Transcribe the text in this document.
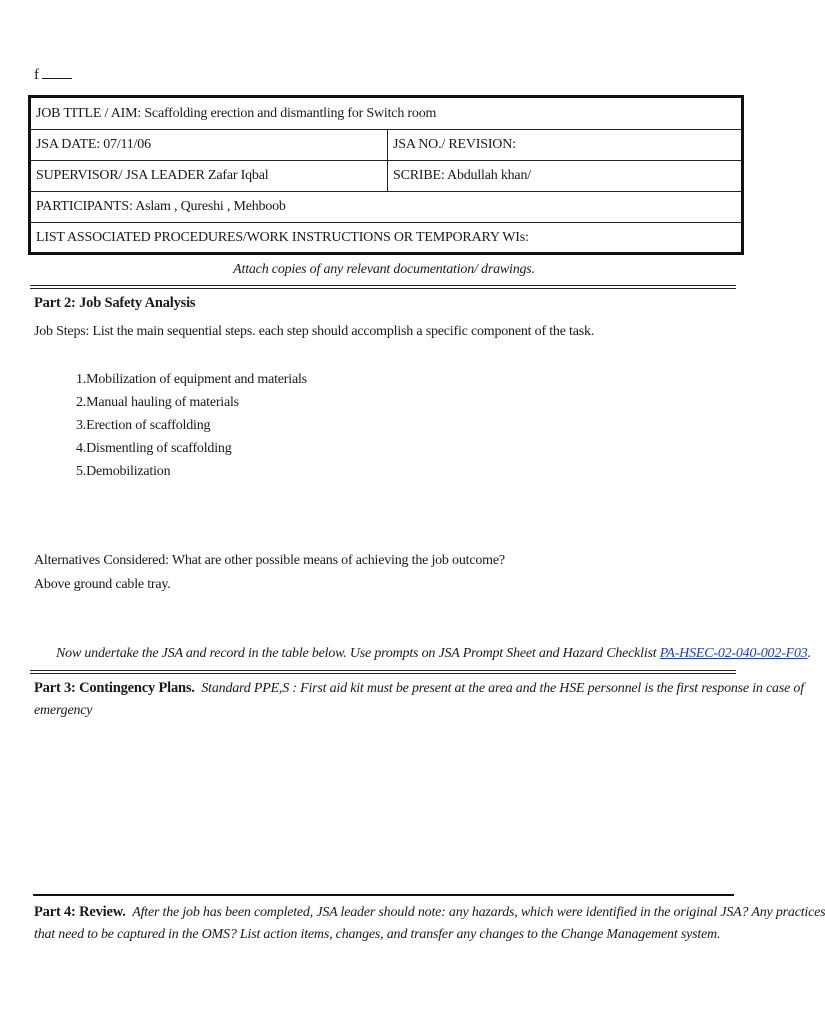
f
JOB TITLE / AIM: Scaffolding erection and dismantling for Switch room
JSA DATE: 07/11/06	JSA NO./ REVISION:
SUPERVISOR/ JSA LEADER Zafar Iqbal	SCRIBE: Abdullah khan/
PARTICIPANTS: Aslam , Qureshi , Mehboob
LIST ASSOCIATED PROCEDURES/WORK INSTRUCTIONS OR TEMPORARY WIs:
Attach copies of any relevant documentation/ drawings.
Part 2: Job Safety Analysis
Job Steps: List the main sequential steps. each step should accomplish a specific component of the task.
1.Mobilization of equipment and materials
2.Manual hauling of materials
3.Erection of scaffolding
4.Dismentling of scaffolding
5.Demobilization
Alternatives Considered: What are other possible means of achieving the job outcome?
Above ground cable tray.
Now undertake the JSA and record in the table below. Use prompts on JSA Prompt Sheet and Hazard Checklist PA-HSEC-02-040-002-F03.
Part 3: Contingency Plans. Standard PPE,S : First aid kit must be present at the area and the HSE personnel is the first response in case of
emergency
Part 4: Review. After the job has been completed, JSA leader should note: any hazards, which were identified in the original JSA? Any practices
that need to be captured in the OMS? List action items, changes, and transfer any changes to the Change Management system.
